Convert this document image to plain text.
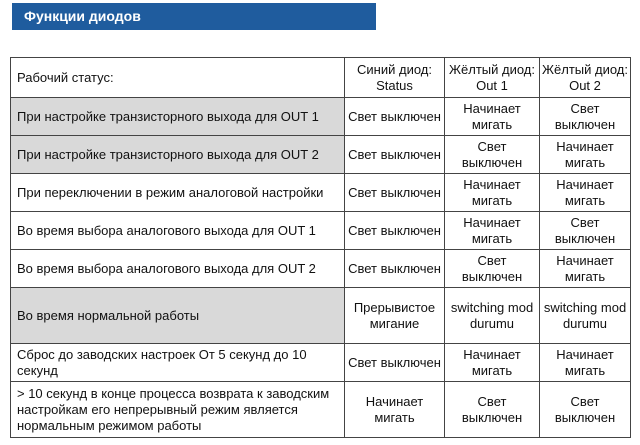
Функции диодов
Рабочий статус:	Синий диод: Status	Жёлтый диод: Out 1	Жёлтый диод: Out 2
При настройке транзисторного выхода для OUT 1	Свет выключен	Начинает мигать	Свет выключен
При настройке транзисторного выхода для OUT 2	Свет выключен	Свет выключен	Начинает мигать
При переключении в режим аналоговой настройки	Свет выключен	Начинает мигать	Начинает мигать
Во время выбора аналогового выхода для OUT 1	Свет выключен	Начинает мигать	Свет выключен
Во время выбора аналогового выхода для OUT 2	Свет выключен	Свет выключен	Начинает мигать
Во время нормальной работы	Прерывистое мигание	switching mod durumu	switching mod durumu
Сброс до заводских настроек От 5 секунд до 10 секунд	Свет выключен	Начинает мигать	Начинает мигать
> 10 секунд в конце процесса возврата к заводским настройкам его непрерывный режим является нормальным режимом работы	Начинает мигать	Свет выключен	Свет выключен
